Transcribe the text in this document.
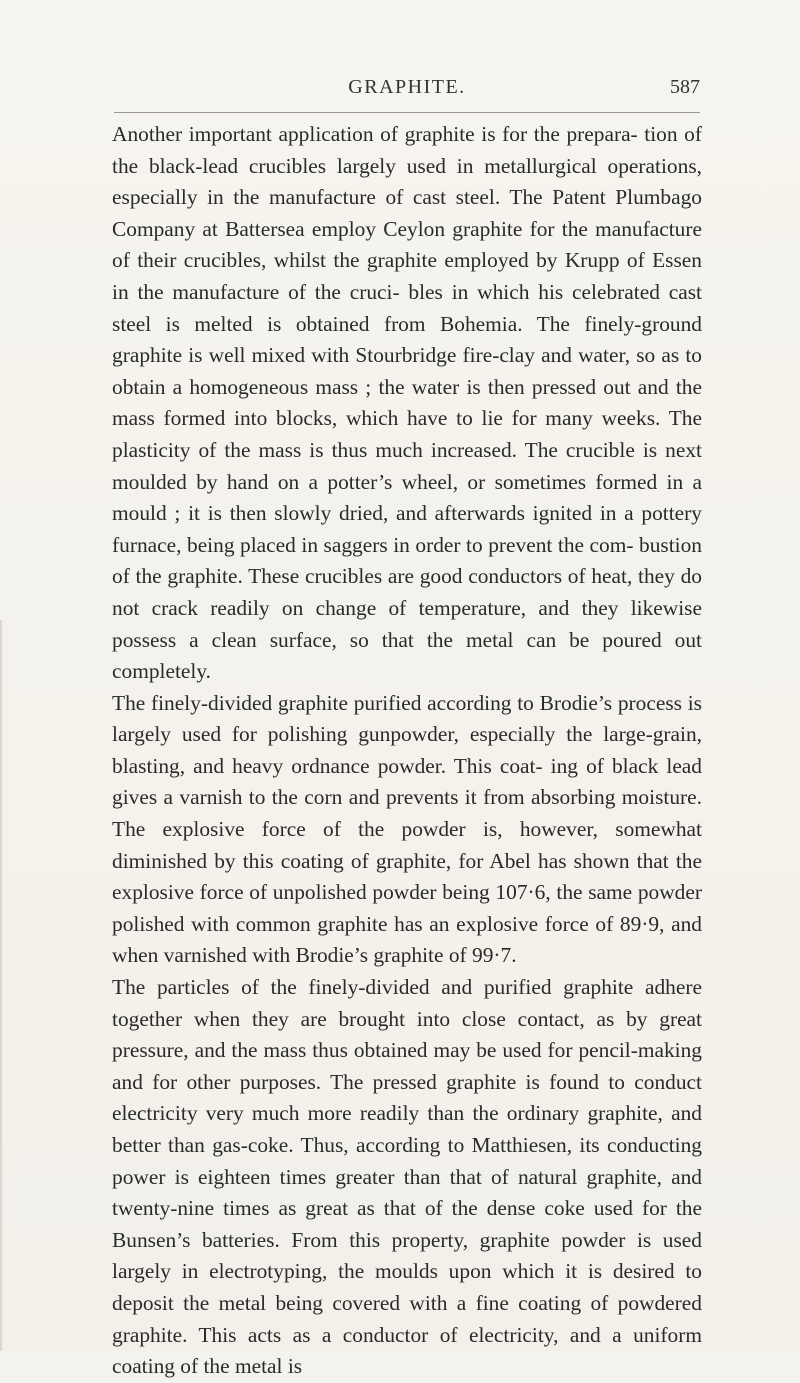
GRAPHITE.	587

Another important application of graphite is for the prepara- tion of the black-lead crucibles largely used in metallurgical operations, especially in the manufacture of cast steel. The Patent Plumbago Company at Battersea employ Ceylon graphite for the manufacture of their crucibles, whilst the graphite employed by Krupp of Essen in the manufacture of the cruci- bles in which his celebrated cast steel is melted is obtained from Bohemia. The finely-ground graphite is well mixed with Stourbridge fire-clay and water, so as to obtain a homogeneous mass ; the water is then pressed out and the mass formed into blocks, which have to lie for many weeks. The plasticity of the mass is thus much increased. The crucible is next moulded by hand on a potter’s wheel, or sometimes formed in a mould ; it is then slowly dried, and afterwards ignited in a pottery furnace, being placed in saggers in order to prevent the com- bustion of the graphite. These crucibles are good conductors of heat, they do not crack readily on change of temperature, and they likewise possess a clean surface, so that the metal can be poured out completely.

The finely-divided graphite purified according to Brodie’s process is largely used for polishing gunpowder, especially the large-grain, blasting, and heavy ordnance powder. This coat- ing of black lead gives a varnish to the corn and prevents it from absorbing moisture. The explosive force of the powder is, however, somewhat diminished by this coating of graphite, for Abel has shown that the explosive force of unpolished powder being 107·6, the same powder polished with common graphite has an explosive force of 89·9, and when varnished with Brodie’s graphite of 99·7.

The particles of the finely-divided and purified graphite adhere together when they are brought into close contact, as by great pressure, and the mass thus obtained may be used for pencil-making and for other purposes. The pressed graphite is found to conduct electricity very much more readily than the ordinary graphite, and better than gas-coke. Thus, according to Matthiesen, its conducting power is eighteen times greater than that of natural graphite, and twenty-nine times as great as that of the dense coke used for the Bunsen’s batteries. From this property, graphite powder is used largely in electrotyping, the moulds upon which it is desired to deposit the metal being covered with a fine coating of powdered graphite. This acts as a conductor of electricity, and a uniform coating of the metal is
